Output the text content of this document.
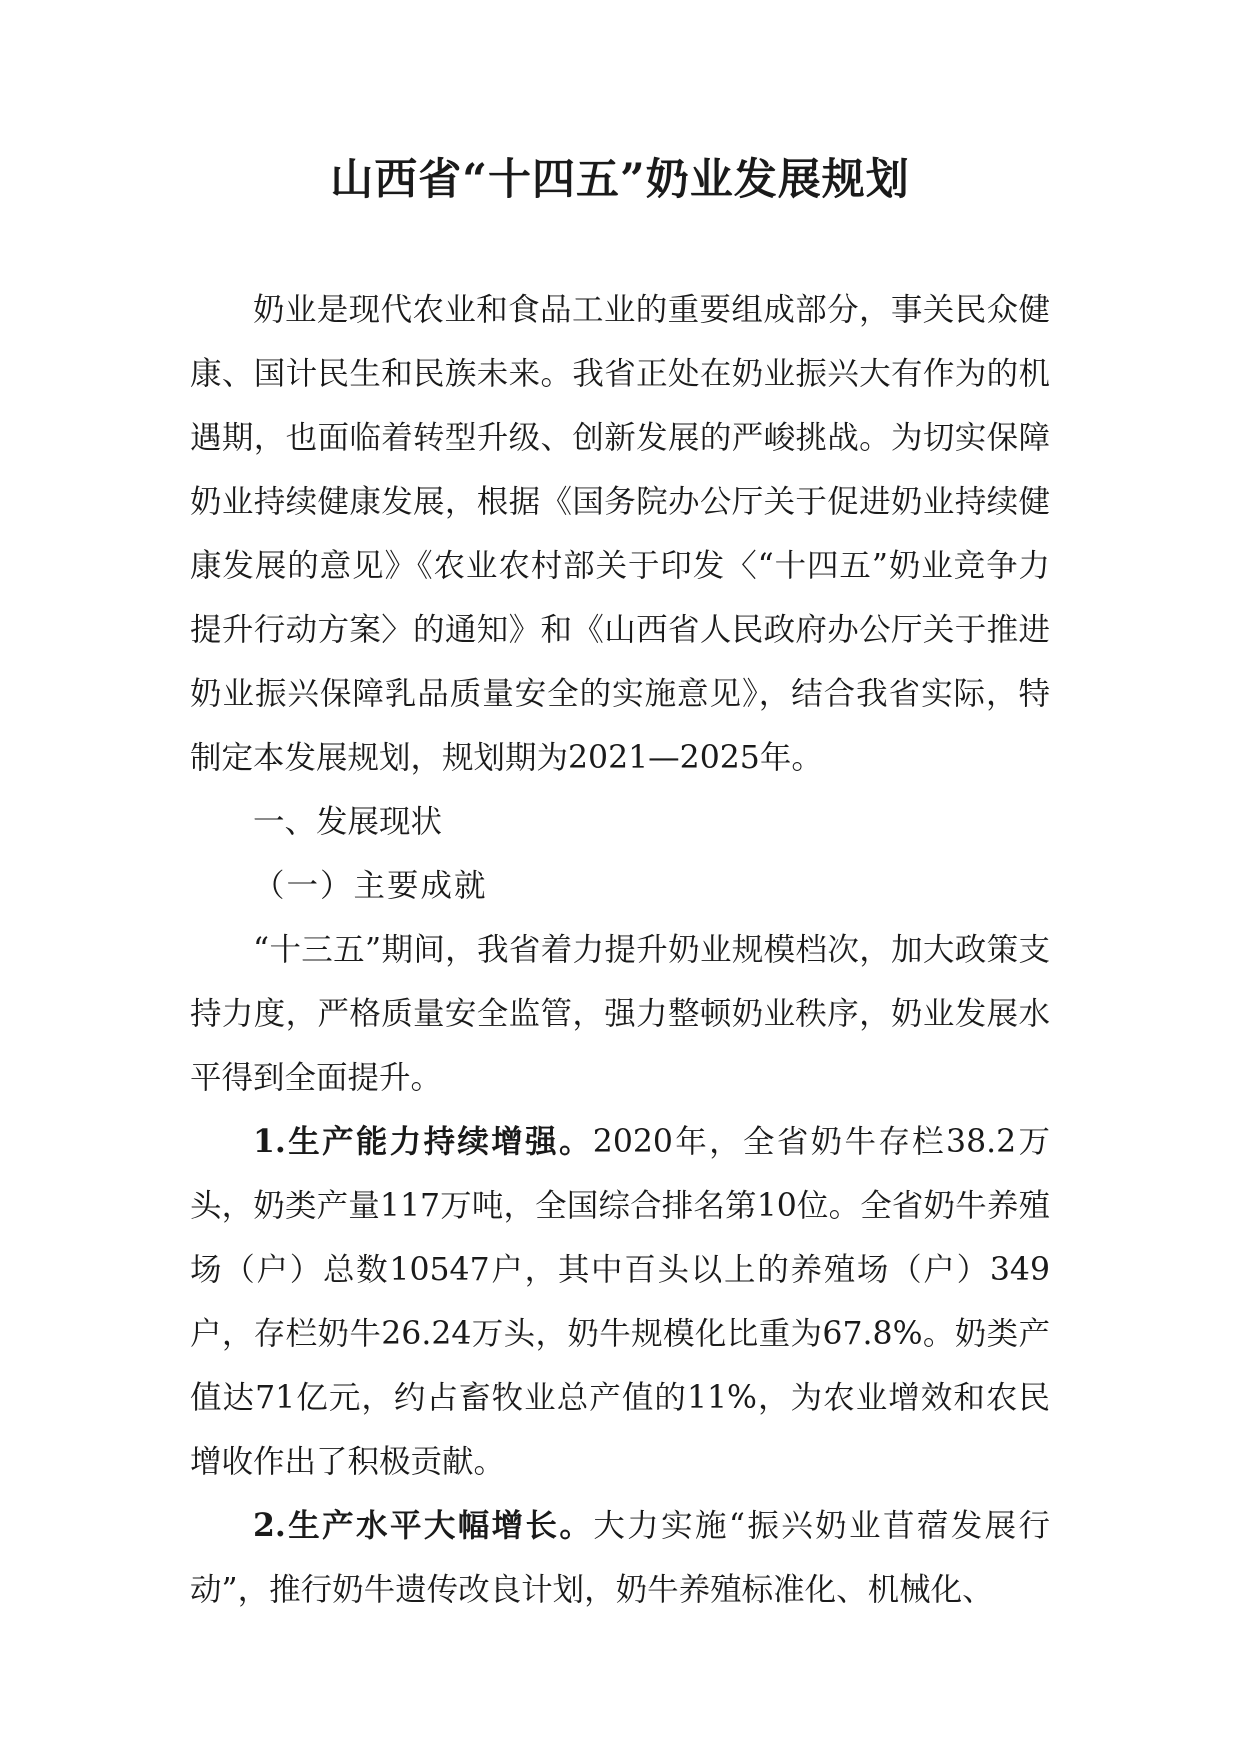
山西省“十四五”奶业发展规划

奶业是现代农业和食品工业的重要组成部分，事关民众健康、国计民生和民族未来。我省正处在奶业振兴大有作为的机遇期，也面临着转型升级、创新发展的严峻挑战。为切实保障奶业持续健康发展，根据《国务院办公厅关于促进奶业持续健康发展的意见》《农业农村部关于印发〈“十四五”奶业竞争力提升行动方案〉的通知》和《山西省人民政府办公厅关于推进奶业振兴保障乳品质量安全的实施意见》，结合我省实际，特制定本发展规划，规划期为2021—2025年。

一、发展现状

（一）主要成就

“十三五”期间，我省着力提升奶业规模档次，加大政策支持力度，严格质量安全监管，强力整顿奶业秩序，奶业发展水平得到全面提升。

1.生产能力持续增强。2020年，全省奶牛存栏38.2万头，奶类产量117万吨，全国综合排名第10位。全省奶牛养殖场（户）总数10547户，其中百头以上的养殖场（户）349户，存栏奶牛26.24万头，奶牛规模化比重为67.8%。奶类产值达71亿元，约占畜牧业总产值的11%，为农业增效和农民增收作出了积极贡献。

2.生产水平大幅增长。大力实施“振兴奶业苜蓿发展行动”，推行奶牛遗传改良计划，奶牛养殖标准化、机械化、
